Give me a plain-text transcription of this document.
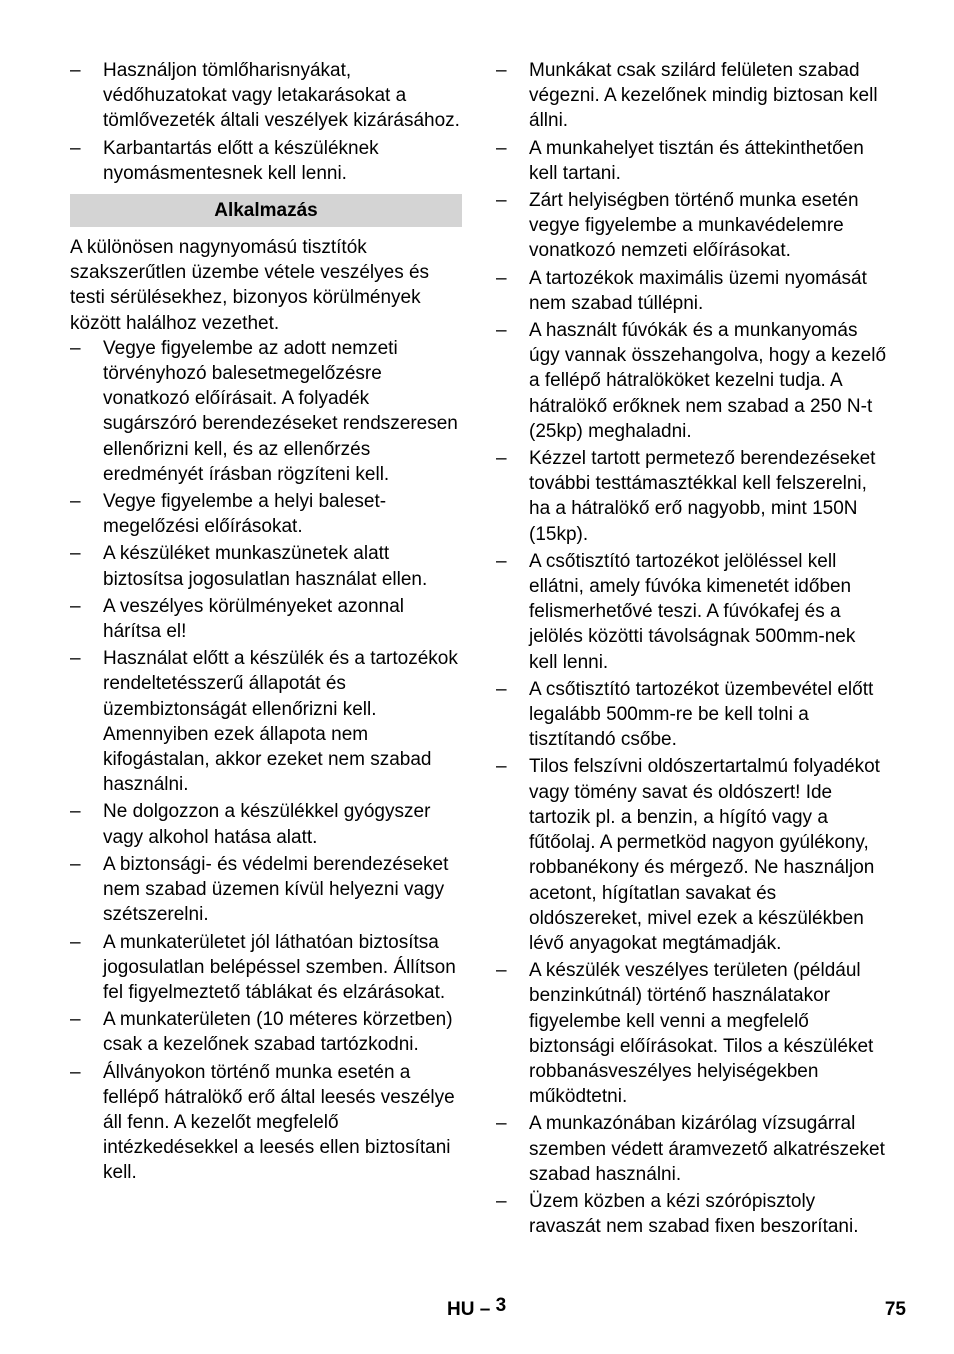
–	Használjon tömlőharisnyákat, védőhuzatokat vagy letakarásokat a tömlővezeték általi veszélyek kizárásához.
–	Karbantartás előtt a készüléknek nyomásmentesnek kell lenni.
Alkalmazás

A különösen nagynyomású tisztítók szakszerűtlen üzembe vétele veszélyes és testi sérülésekhez, bizonyos körülmények között halálhoz vezethet.

–	Vegye figyelembe az adott nemzeti törvényhozó balesetmegelőzésre vonatkozó előírásait. A folyadék sugárszóró berendezéseket rendszeresen ellenőrizni kell, és az ellenőrzés eredményét írásban rögzíteni kell.
–	Vegye figyelembe a helyi baleset-megelőzési előírásokat.
–	A készüléket munkaszünetek alatt biztosítsa jogosulatlan használat ellen.
–	A veszélyes körülményeket azonnal hárítsa el!
–	Használat előtt a készülék és a tartozékok rendeltetésszerű állapotát és üzembiztonságát ellenőrizni kell. Amennyiben ezek állapota nem kifogástalan, akkor ezeket nem szabad használni.
–	Ne dolgozzon a készülékkel gyógyszer vagy alkohol hatása alatt.
–	A biztonsági- és védelmi berendezéseket nem szabad üzemen kívül helyezni vagy szétszerelni.
–	A munkaterületet jól láthatóan biztosítsa jogosulatlan belépéssel szemben. Állítson fel figyelmeztető táblákat és elzárásokat.
–	A munkaterületen (10 méteres körzetben) csak a kezelőnek szabad tartózkodni.
–	Állványokon történő munka esetén a fellépő hátralökő erő által leesés veszélye áll fenn. A kezelőt megfelelő intézkedésekkel a leesés ellen biztosítani kell.
–	Munkákat csak szilárd felületen szabad végezni. A kezelőnek mindig biztosan kell állni.
–	A munkahelyet tisztán és áttekinthetően kell tartani.
–	Zárt helyiségben történő munka esetén vegye figyelembe a munkavédelemre vonatkozó nemzeti előírásokat.
–	A tartozékok maximális üzemi nyomását nem szabad túllépni.
–	A használt fúvókák és a munkanyomás úgy vannak összehangolva, hogy a kezelő a fellépő hátralököket kezelni tudja. A hátralökő erőknek nem szabad a 250 N-t (25kp) meghaladni.
–	Kézzel tartott permetező berendezéseket további testtámasztékkal kell felszerelni, ha a hátralökő erő nagyobb, mint 150N (15kp).
–	A csőtisztító tartozékot jelöléssel kell ellátni, amely fúvóka kimenetét időben felismerhetővé teszi. A fúvókafej és a jelölés közötti távolságnak 500mm-nek kell lenni.
–	A csőtisztító tartozékot üzembevétel előtt legalább 500mm-re be kell tolni a tisztítandó csőbe.
–	Tilos felszívni oldószertartalmú folyadékot vagy tömény savat és oldószert! Ide tartozik pl. a benzin, a hígító vagy a fűtőolaj. A permetköd nagyon gyúlékony, robbanékony és mérgező. Ne használjon acetont, hígítatlan savakat és oldószereket, mivel ezek a készülékben lévő anyagokat megtámadják.
–	A készülék veszélyes területen (például benzinkútnál) történő használatakor figyelembe kell venni a megfelelő biztonsági előírásokat. Tilos a készüléket robbanásveszélyes helyiségekben működtetni.
–	A munkazónában kizárólag vízsugárral szemben védett áramvezető alkatrészeket szabad használni.
–	Üzem közben a kézi szórópisztoly ravaszát nem szabad fixen beszorítani.
HU – 3	75
